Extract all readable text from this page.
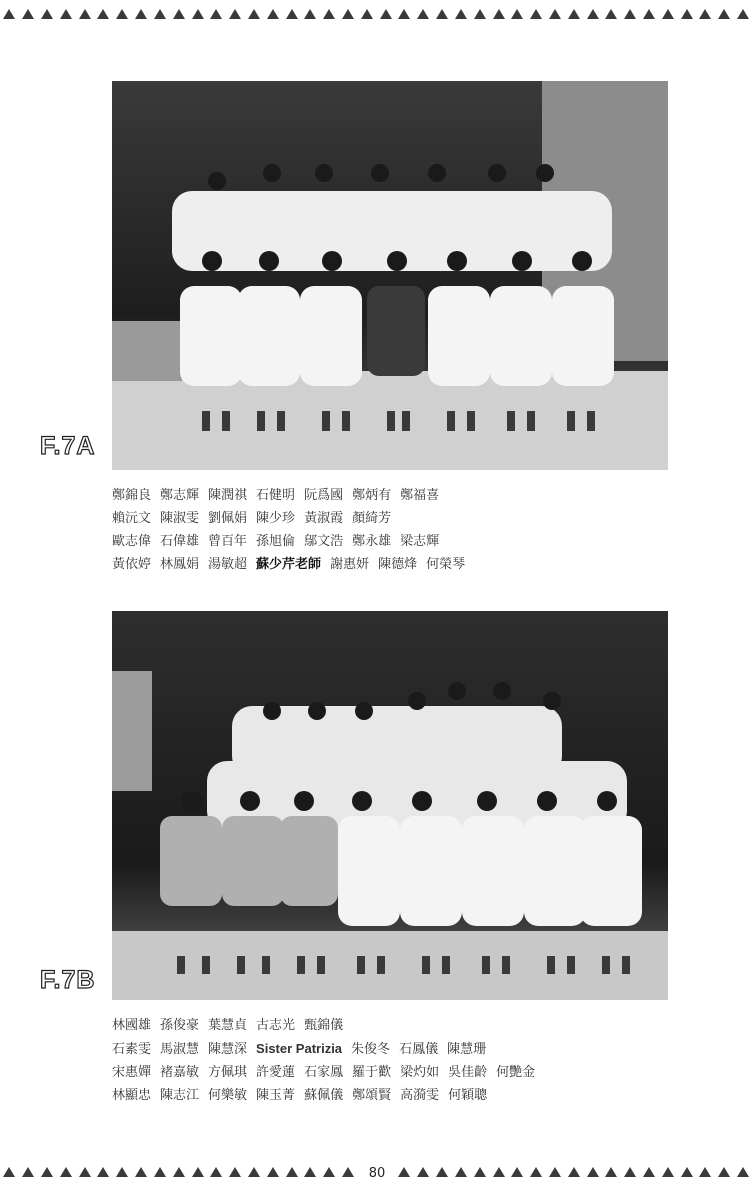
F.7A
鄭錦良 鄭志輝 陳潤祺 石健明 阮爲國 鄭炳有 鄭福喜
賴沅文 陳淑雯 劉佩娟 陳少珍 黃淑霞 顏綺芳
歐志偉 石偉雄 曾百年 孫旭倫 鄔文浩 鄭永雄 梁志輝
黃依婷 林鳳娟 湯敏超 蘇少芹老師 謝惠妍 陳德烽 何榮琴
F.7B
林國雄 孫俊豪 葉慧貞 古志光 甄錦儀
石素雯 馬淑慧 陳慧深 Sister Patrizia 朱俊冬 石鳳儀 陳慧珊
宋惠嬋 褚嘉敏 方佩琪 許愛蓮 石家鳳 羅于歡 梁灼如 吳佳齡 何艷金
林顯忠 陳志江 何樂敏 陳玉菁 蘇佩儀 鄭頌賢 高漪雯 何穎聰
80
